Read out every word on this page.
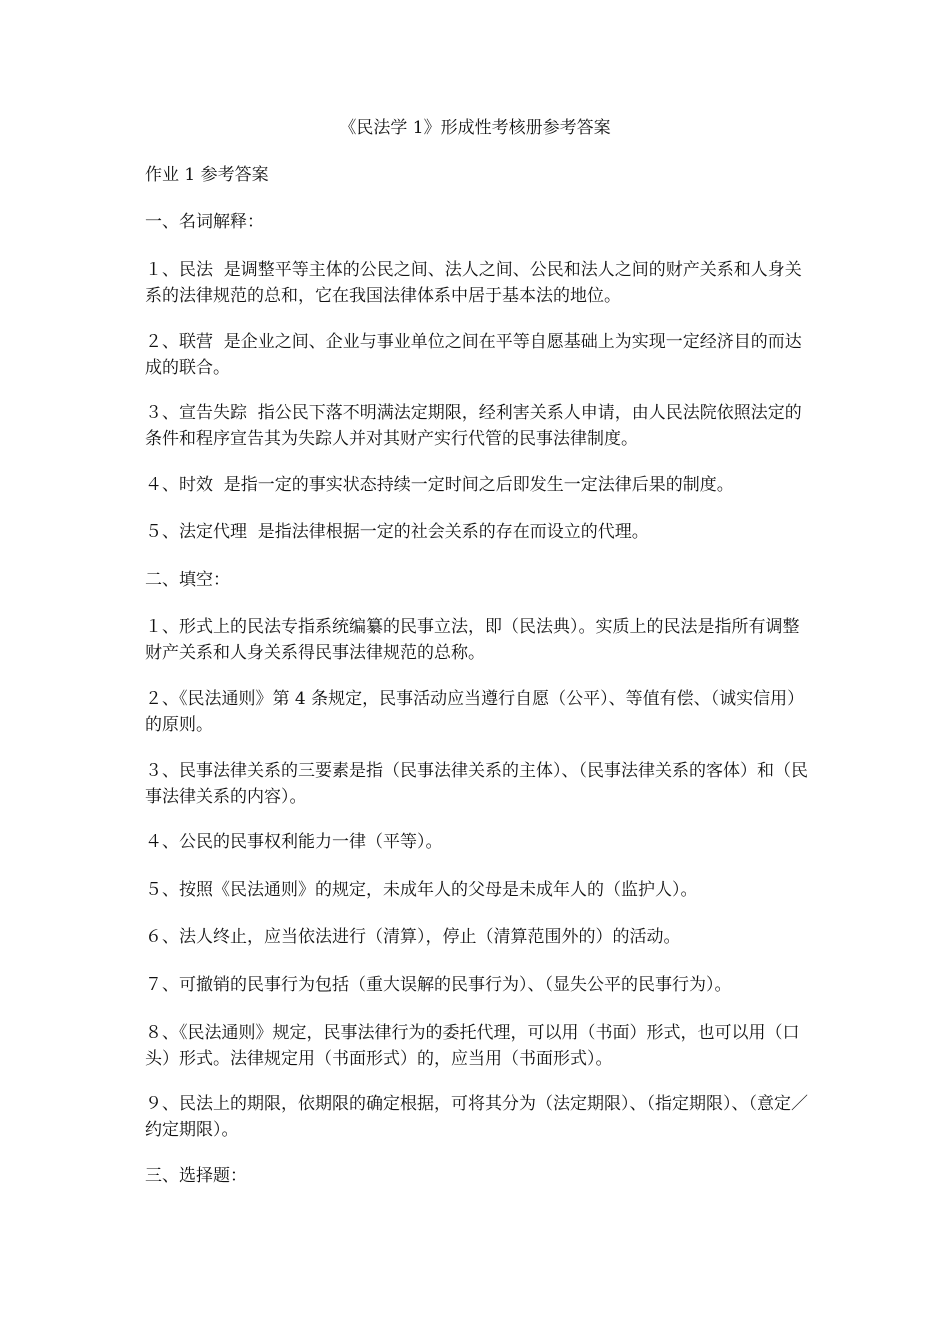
《民法学 1》形成性考核册参考答案
作业 1 参考答案
一、名词解释：
１、民法  是调整平等主体的公民之间、法人之间、公民和法人之间的财产关系和人身关系的法律规范的总和，它在我国法律体系中居于基本法的地位。
２、联营  是企业之间、企业与事业单位之间在平等自愿基础上为实现一定经济目的而达成的联合。
３、宣告失踪  指公民下落不明满法定期限，经利害关系人申请，由人民法院依照法定的条件和程序宣告其为失踪人并对其财产实行代管的民事法律制度。
４、时效  是指一定的事实状态持续一定时间之后即发生一定法律后果的制度。
５、法定代理  是指法律根据一定的社会关系的存在而设立的代理。
二、填空：
１、形式上的民法专指系统编纂的民事立法，即（民法典）。实质上的民法是指所有调整财产关系和人身关系得民事法律规范的总称。
２、《民法通则》第 4 条规定，民事活动应当遵行自愿（公平）、等值有偿、（诚实信用）的原则。
３、民事法律关系的三要素是指（民事法律关系的主体）、（民事法律关系的客体）和（民事法律关系的内容）。
４、公民的民事权利能力一律（平等）。
５、按照《民法通则》的规定，未成年人的父母是未成年人的（监护人）。
６、法人终止，应当依法进行（清算），停止（清算范围外的）的活动。
７、可撤销的民事行为包括（重大误解的民事行为）、（显失公平的民事行为）。
８、《民法通则》规定，民事法律行为的委托代理，可以用（书面）形式，也可以用（口头）形式。法律规定用（书面形式）的，应当用（书面形式）。
９、民法上的期限，依期限的确定根据，可将其分为（法定期限）、（指定期限）、（意定／约定期限）。
三、选择题：
